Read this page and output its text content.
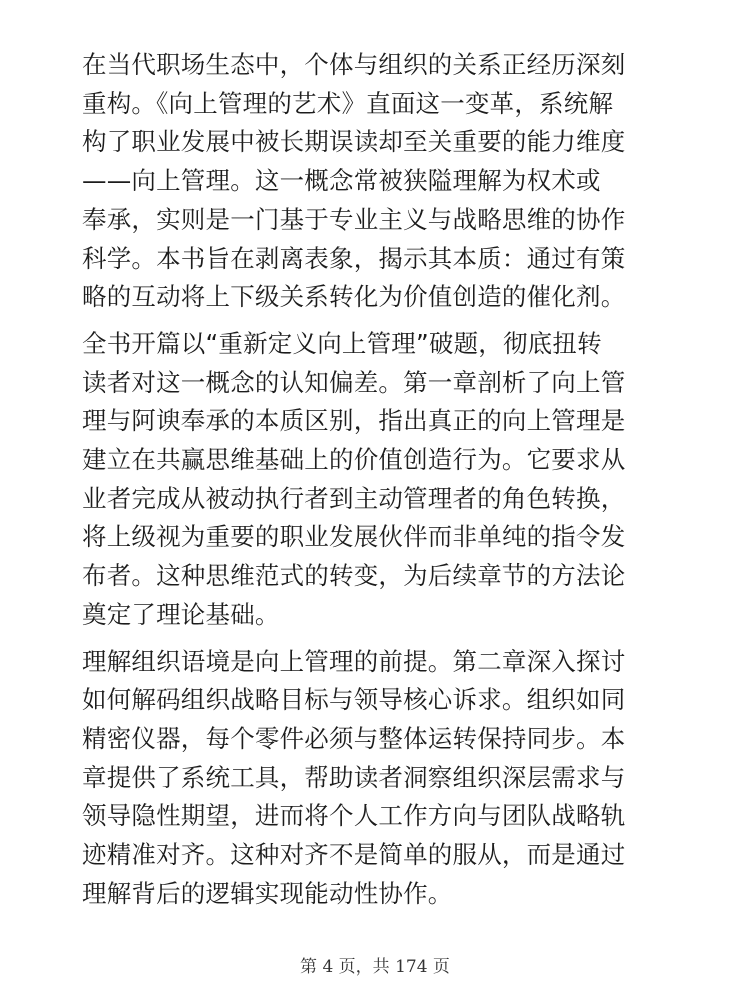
在当代职场生态中，个体与组织的关系正经历深刻
重构。《向上管理的艺术》直面这一变革，系统解
构了职业发展中被长期误读却至关重要的能力维度
——向上管理。这一概念常被狭隘理解为权术或
奉承，实则是一门基于专业主义与战略思维的协作
科学。本书旨在剥离表象，揭示其本质：通过有策
略的互动将上下级关系转化为价值创造的催化剂。

全书开篇以“重新定义向上管理”破题，彻底扭转
读者对这一概念的认知偏差。第一章剖析了向上管
理与阿谀奉承的本质区别，指出真正的向上管理是
建立在共赢思维基础上的价值创造行为。它要求从
业者完成从被动执行者到主动管理者的角色转换，
将上级视为重要的职业发展伙伴而非单纯的指令发
布者。这种思维范式的转变，为后续章节的方法论
奠定了理论基础。

理解组织语境是向上管理的前提。第二章深入探讨
如何解码组织战略目标与领导核心诉求。组织如同
精密仪器，每个零件必须与整体运转保持同步。本
章提供了系统工具，帮助读者洞察组织深层需求与
领导隐性期望，进而将个人工作方向与团队战略轨
迹精准对齐。这种对齐不是简单的服从，而是通过
理解背后的逻辑实现能动性协作。

第 4 页，共 174 页
